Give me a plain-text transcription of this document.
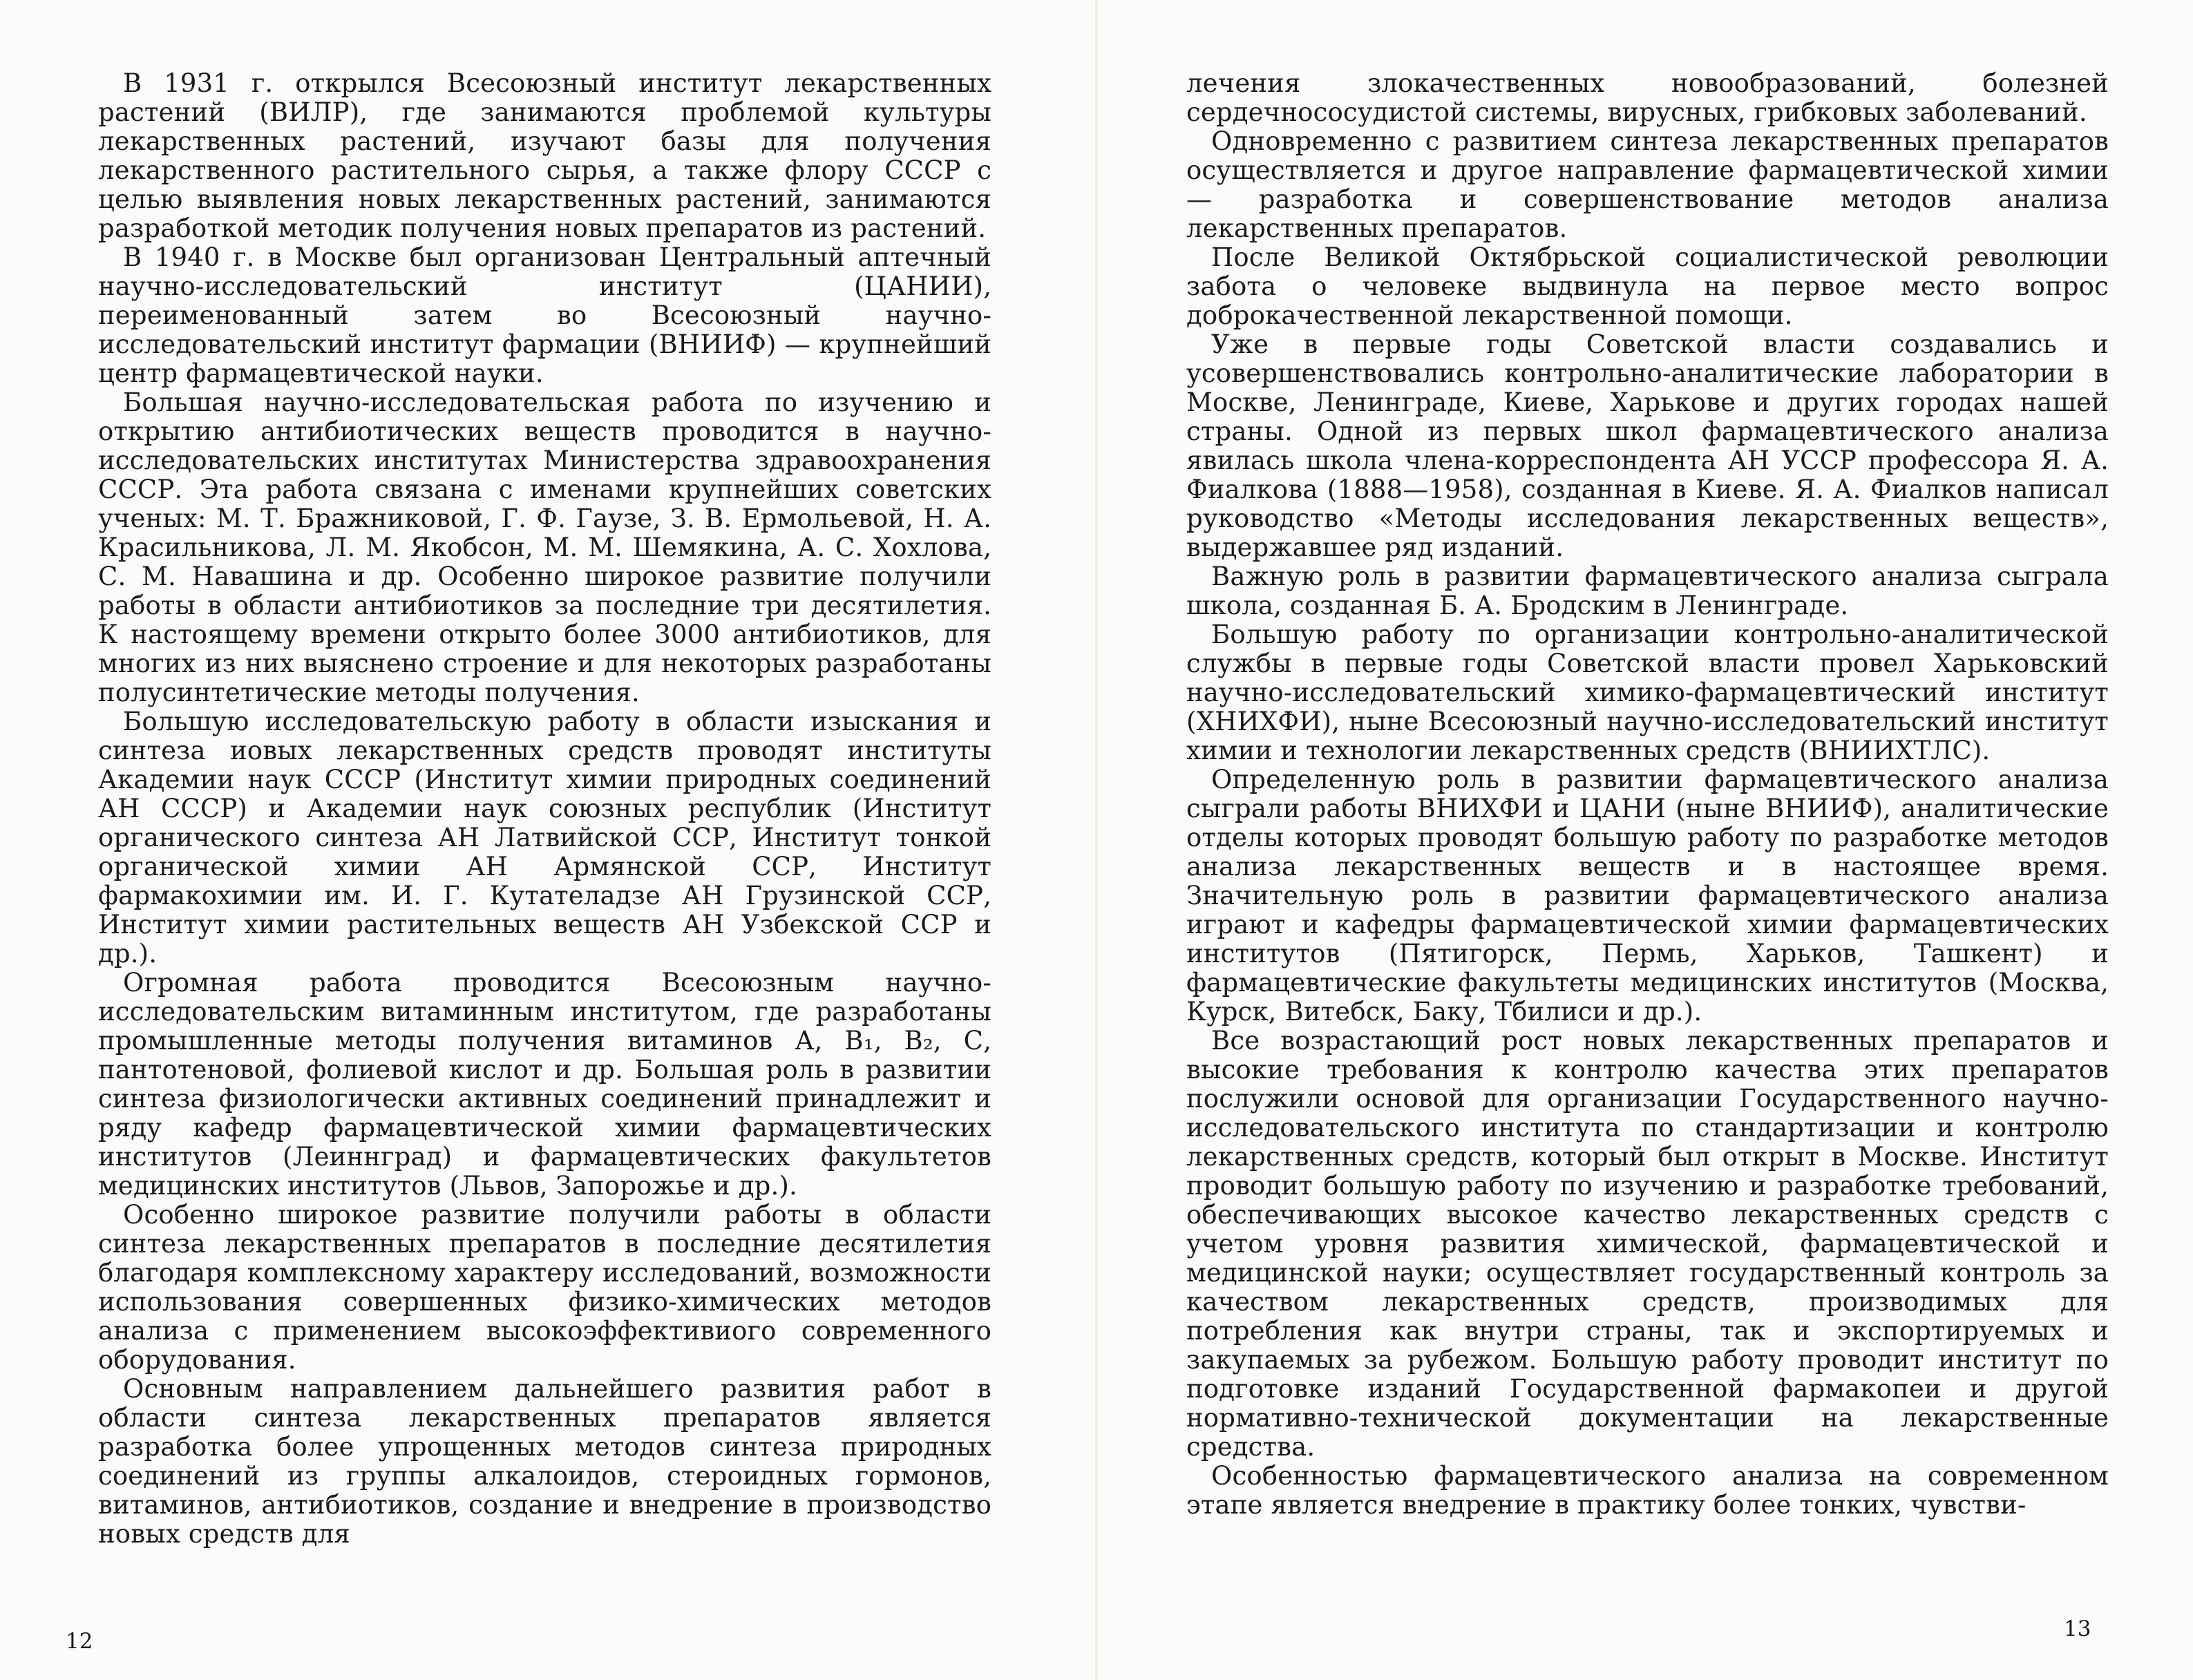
В 1931 г. открылся Всесоюзный институт лекарственных растений (ВИЛР), где занимаются проблемой культуры лекарственных растений, изучают базы для получения лекарственного растительного сырья, а также флору СССР с целью выявления новых лекарственных растений, занимаются разработкой методик получения новых препаратов из растений.

В 1940 г. в Москве был организован Центральный аптечный научно-исследовательский институт (ЦАНИИ), переименованный затем во Всесоюзный научно-исследовательский институт фармации (ВНИИФ) — крупнейший центр фармацевтической науки.

Большая научно-исследовательская работа по изучению и открытию антибиотических веществ проводится в научно-исследовательских институтах Министерства здравоохранения СССР. Эта работа связана с именами крупнейших советских ученых: М. Т. Бражниковой, Г. Ф. Гаузе, З. В. Ермольевой, Н. А. Красильникова, Л. М. Якобсон, М. М. Шемякина, А. С. Хохлова, С. М. Навашина и др. Особенно широкое развитие получили работы в области антибиотиков за последние три десятилетия. К настоящему времени открыто более 3000 антибиотиков, для многих из них выяснено строение и для некоторых разработаны полусинтетические методы получения.

Большую исследовательскую работу в области изыскания и синтеза иовых лекарственных средств проводят институты Академии наук СССР (Институт химии природных соединений АН СССР) и Академии наук союзных республик (Институт органического синтеза АН Латвийской ССР, Институт тонкой органической химии АН Армянской ССР, Институт фармакохимии им. И. Г. Кутателадзе АН Грузинской ССР, Институт химии растительных веществ АН Узбекской ССР и др.).

Огромная работа проводится Всесоюзным научно-исследовательским витаминным институтом, где разработаны промышленные методы получения витаминов А, B₁, B₂, С, пантотеновой, фолиевой кислот и др. Большая роль в развитии синтеза физиологически активных соединений принадлежит и ряду кафедр фармацевтической химии фармацевтических институтов (Леиннград) и фармацевтических факультетов медицинских институтов (Львов, Запорожье и др.).

Особенно широкое развитие получили работы в области синтеза лекарственных препаратов в последние десятилетия благодаря комплексному характеру исследований, возможности использования совершенных физико-химических методов анализа с применением высокоэффективиого современного оборудования.

Основным направлением дальнейшего развития работ в области синтеза лекарственных препаратов является разработка более упрощенных методов синтеза природных соединений из группы алкалоидов, стероидных гормонов, витаминов, антибиотиков, создание и внедрение в производство новых средств для

12

лечения злокачественных новообразований, болезней сердечнососудистой системы, вирусных, грибковых заболеваний.

Одновременно с развитием синтеза лекарственных препаратов осуществляется и другое направление фармацевтической химии — разработка и совершенствование методов анализа лекарственных препаратов.

После Великой Октябрьской социалистической революции забота о человеке выдвинула на первое место вопрос доброкачественной лекарственной помощи.

Уже в первые годы Советской власти создавались и усовершенствовались контрольно-аналитические лаборатории в Москве, Ленинграде, Киеве, Харькове и других городах нашей страны. Одной из первых школ фармацевтического анализа явилась школа члена-корреспондента АН УССР профессора Я. А. Фиалкова (1888—1958), созданная в Киеве. Я. А. Фиалков написал руководство «Методы исследования лекарственных веществ», выдержавшее ряд изданий.

Важную роль в развитии фармацевтического анализа сыграла школа, созданная Б. А. Бродским в Ленинграде.

Большую работу по организации контрольно-аналитической службы в первые годы Советской власти провел Харьковский научно-исследовательский химико-фармацевтический институт (ХНИХФИ), ныне Всесоюзный научно-исследовательский институт химии и технологии лекарственных средств (ВНИИХТЛС).

Определенную роль в развитии фармацевтического анализа сыграли работы ВНИХФИ и ЦАНИ (ныне ВНИИФ), аналитические отделы которых проводят большую работу по разработке методов анализа лекарственных веществ и в настоящее время. Значительную роль в развитии фармацевтического анализа играют и кафедры фармацевтической химии фармацевтических институтов (Пятигорск, Пермь, Харьков, Ташкент) и фармацевтические факультеты медицинских институтов (Москва, Курск, Витебск, Баку, Тбилиси и др.).

Все возрастающий рост новых лекарственных препаратов и высокие требования к контролю качества этих препаратов послужили основой для организации Государственного научно-исследовательского института по стандартизации и контролю лекарственных средств, который был открыт в Москве. Институт проводит большую работу по изучению и разработке требований, обеспечивающих высокое качество лекарственных средств с учетом уровня развития химической, фармацевтической и медицинской науки; осуществляет государственный контроль за качеством лекарственных средств, производимых для потребления как внутри страны, так и экспортируемых и закупаемых за рубежом. Большую работу проводит институт по подготовке изданий Государственной фармакопеи и другой нормативно-технической документации на лекарственные средства.

Особенностью фармацевтического анализа на современном этапе является внедрение в практику более тонких, чувстви-

13
